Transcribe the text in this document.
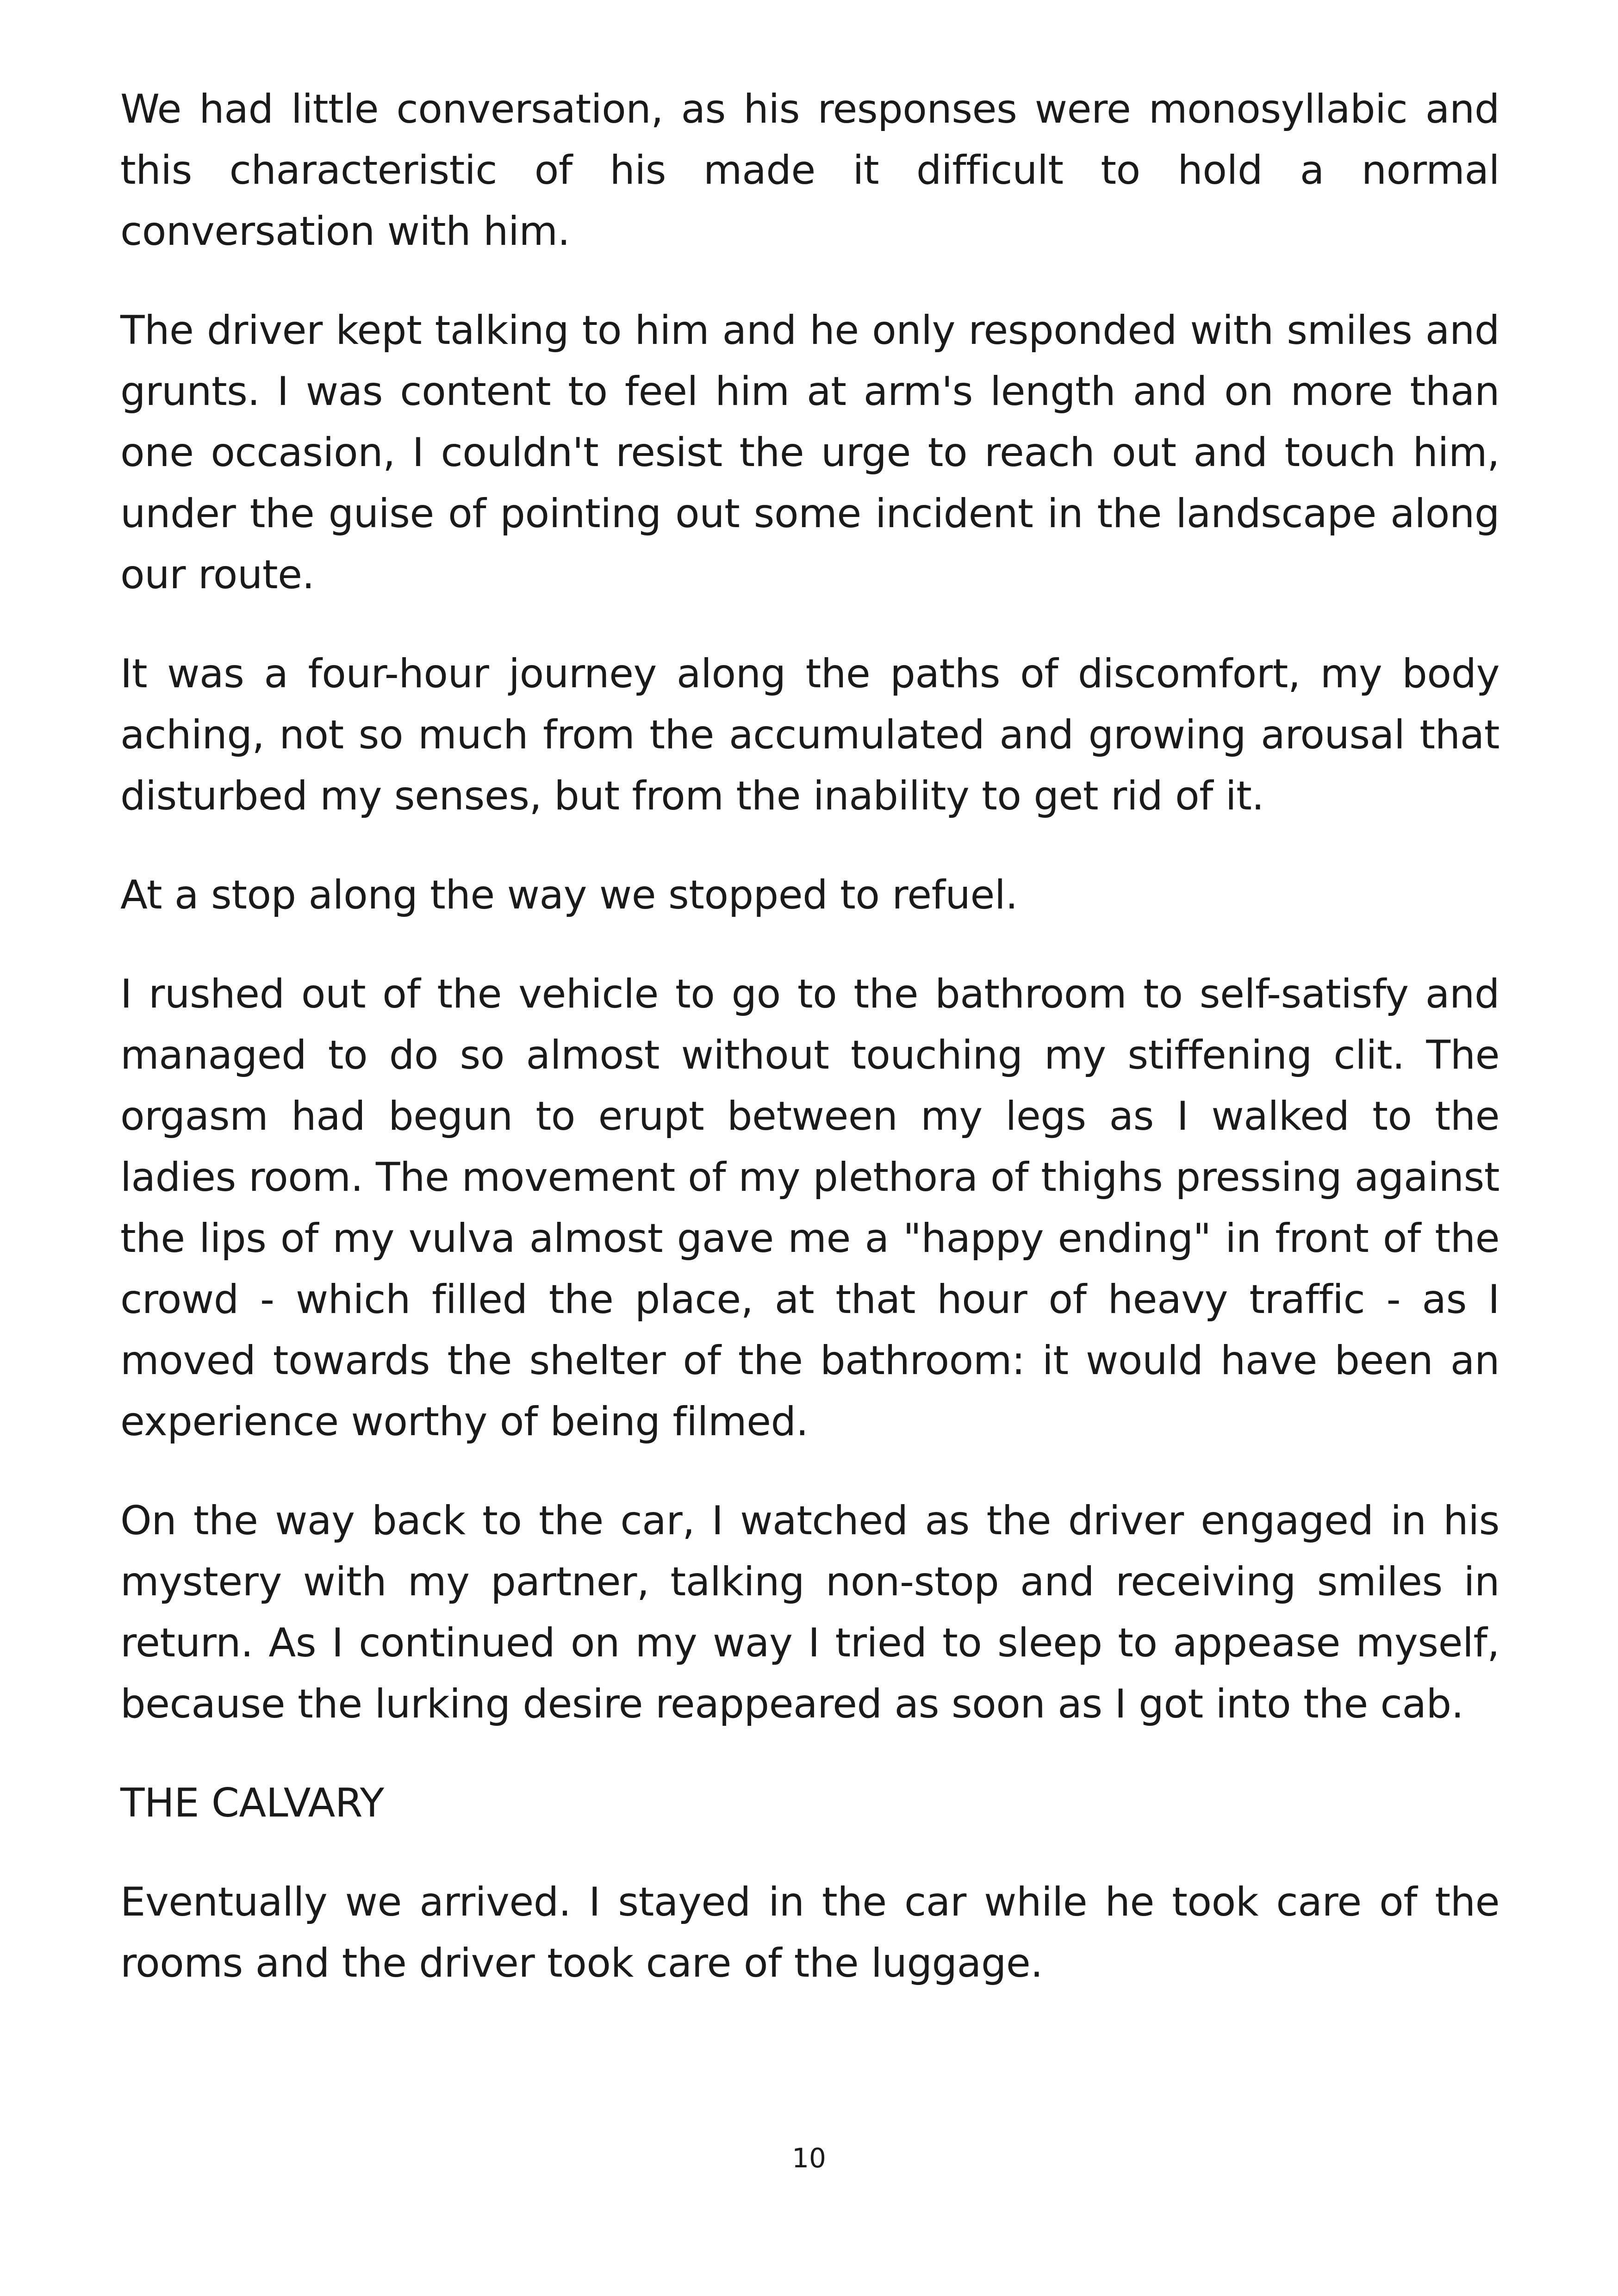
We had little conversation, as his responses were monosyllabic and this characteristic of his made it difficult to hold a normal conversation with him.

The driver kept talking to him and he only responded with smiles and grunts. I was content to feel him at arm's length and on more than one occasion, I couldn't resist the urge to reach out and touch him, under the guise of pointing out some incident in the landscape along our route.

It was a four-hour journey along the paths of discomfort, my body aching, not so much from the accumulated and growing arousal that disturbed my senses, but from the inability to get rid of it.

At a stop along the way we stopped to refuel.

I rushed out of the vehicle to go to the bathroom to self-satisfy and managed to do so almost without touching my stiffening clit. The orgasm had begun to erupt between my legs as I walked to the ladies room. The movement of my plethora of thighs pressing against the lips of my vulva almost gave me a "happy ending" in front of the crowd - which filled the place, at that hour of heavy traffic - as I moved towards the shelter of the bathroom: it would have been an experience worthy of being filmed.

On the way back to the car, I watched as the driver engaged in his mystery with my partner, talking non-stop and receiving smiles in return. As I continued on my way I tried to sleep to appease myself, because the lurking desire reappeared as soon as I got into the cab.

THE CALVARY

Eventually we arrived. I stayed in the car while he took care of the rooms and the driver took care of the luggage.

10
